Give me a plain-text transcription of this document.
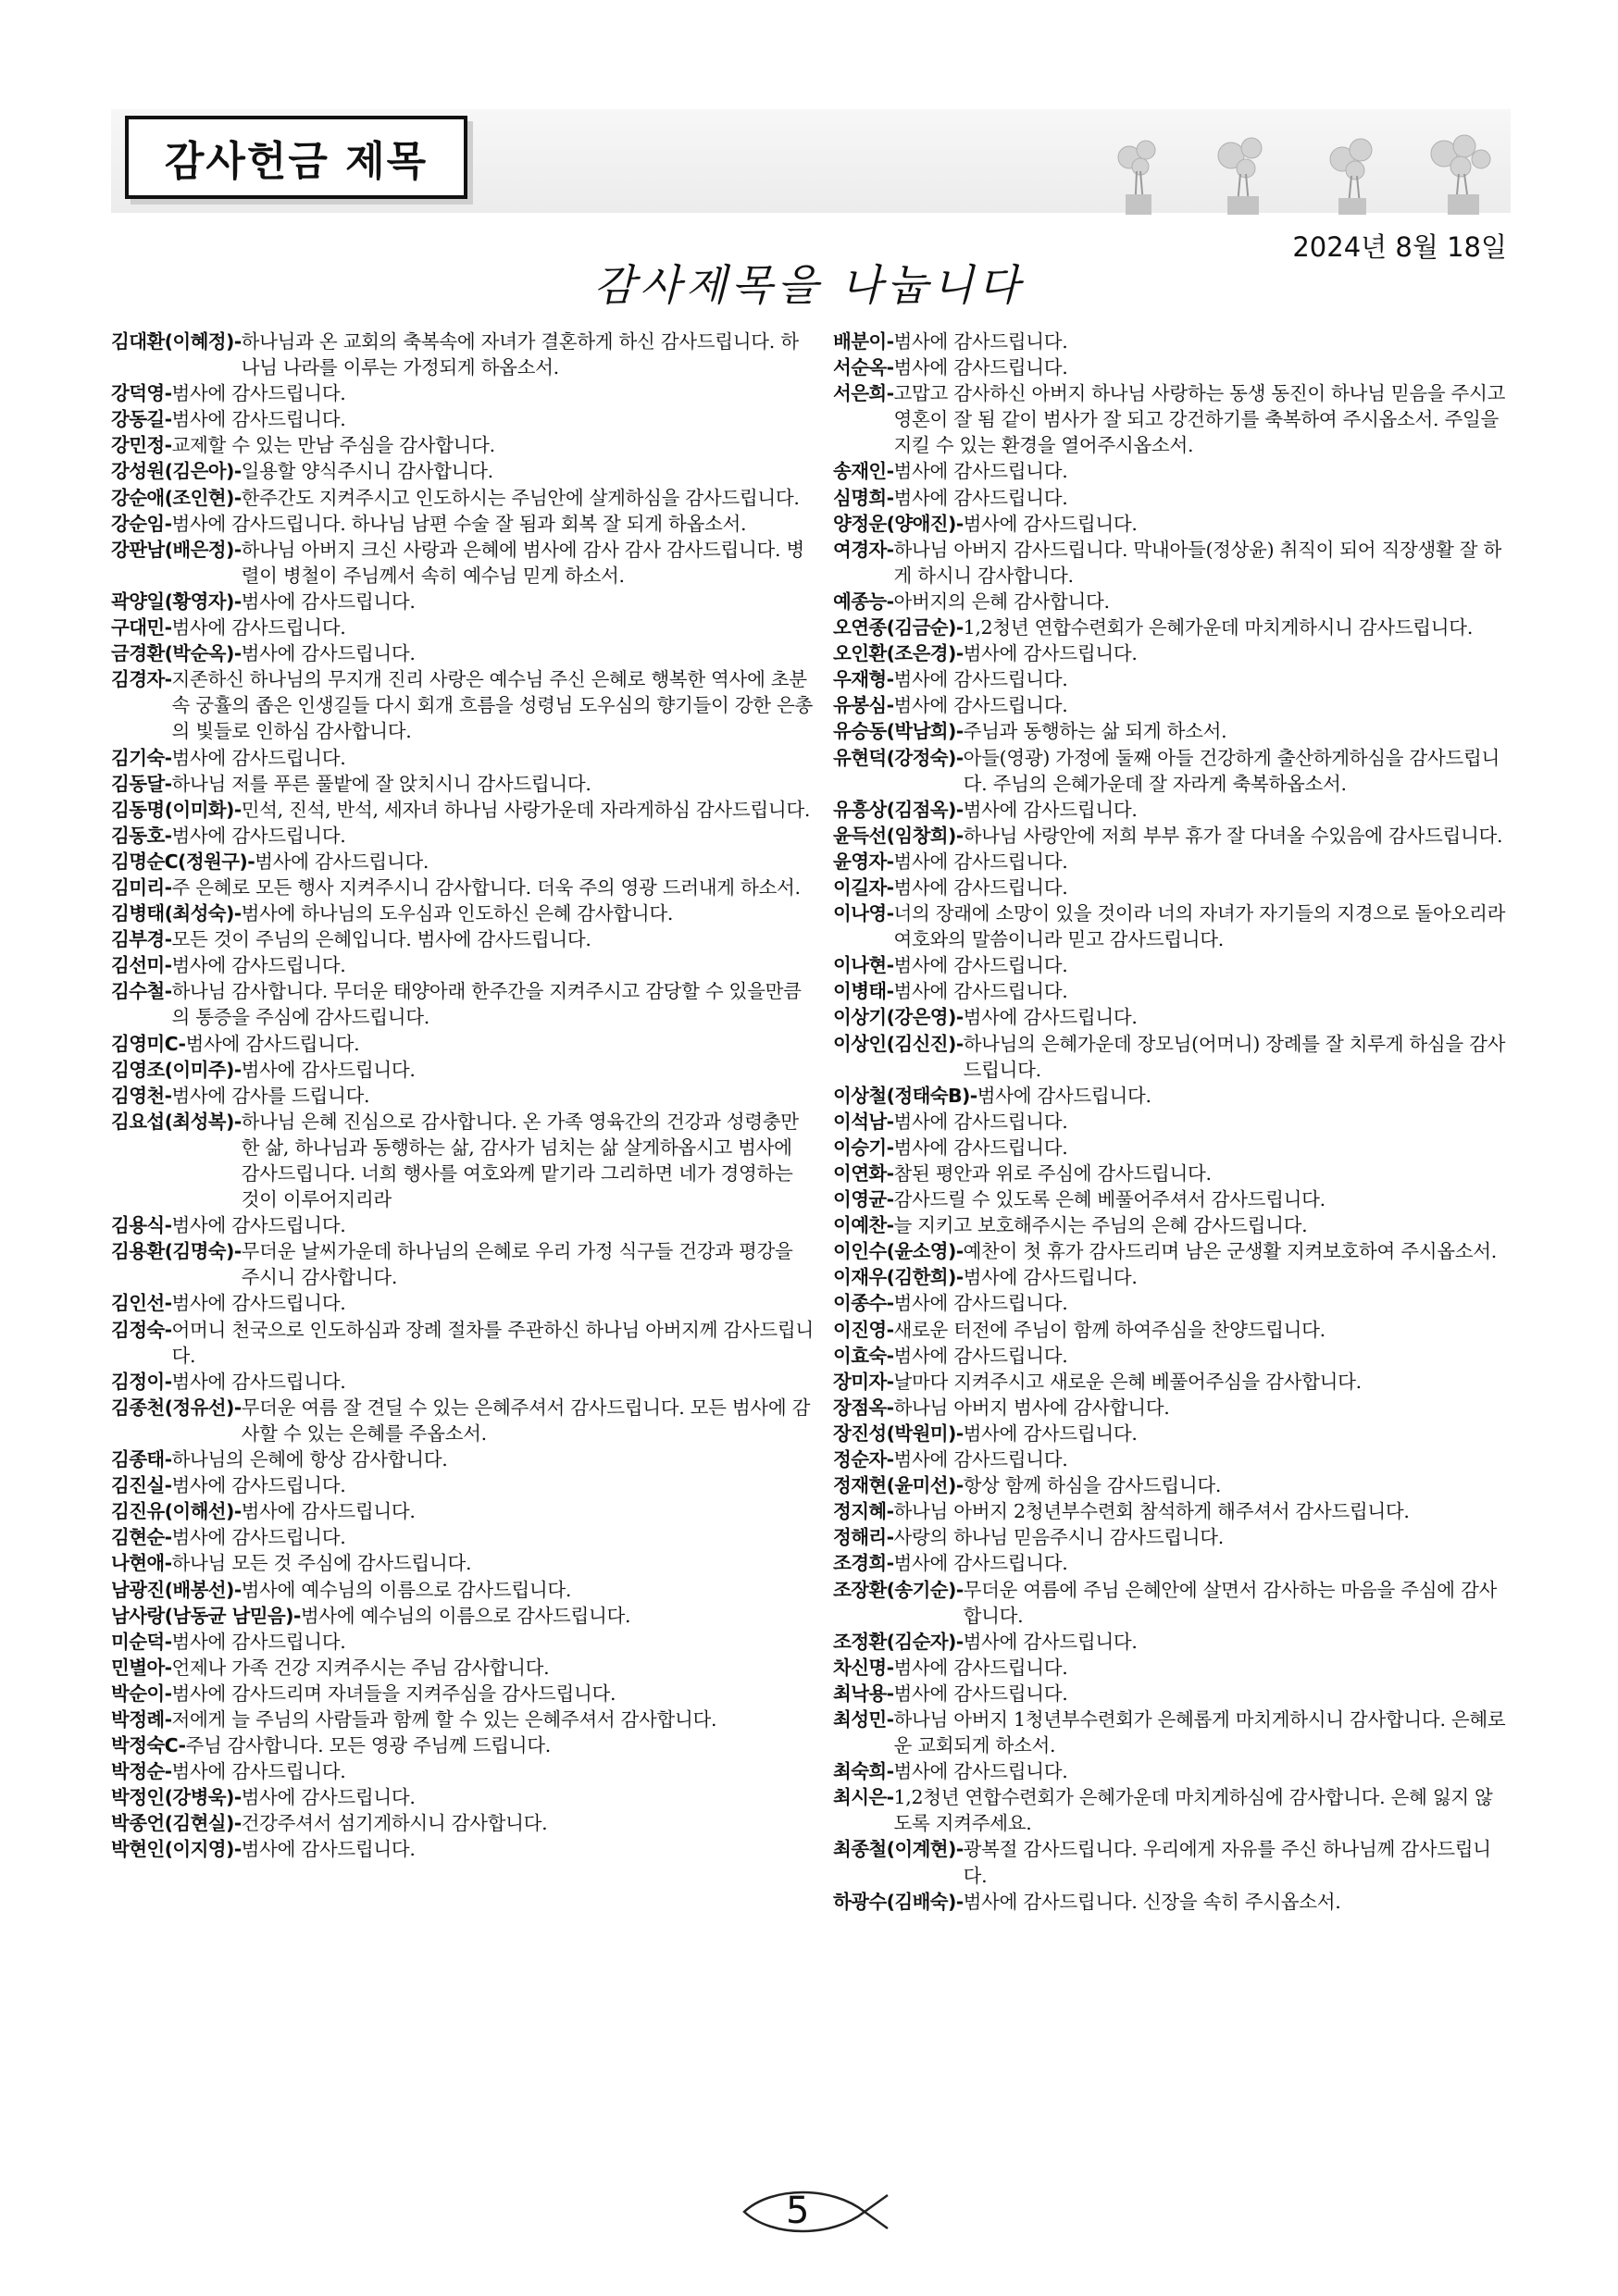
감사헌금 제목
2024년 8월 18일
감사제목을 나눕니다
김대환(이혜정)- 하나님과 온 교회의 축복속에 자녀가 결혼하게 하신 감사드립니다. 하나님 나라를 이루는 가정되게 하옵소서.
강덕영- 범사에 감사드립니다.
강동길- 범사에 감사드립니다.
강민정- 교제할 수 있는 만남 주심을 감사합니다.
강성원(김은아)- 일용할 양식주시니 감사합니다.
강순애(조인현)- 한주간도 지켜주시고 인도하시는 주님안에 살게하심을 감사드립니다.
강순임- 범사에 감사드립니다. 하나님 남편 수술 잘 됨과 회복 잘 되게 하옵소서.
강판남(배은정)- 하나님 아버지 크신 사랑과 은혜에 범사에 감사 감사 감사드립니다. 병렬이 병철이 주님께서 속히 예수님 믿게 하소서.
곽양일(황영자)- 범사에 감사드립니다.
구대민- 범사에 감사드립니다.
금경환(박순옥)- 범사에 감사드립니다.
김경자- 지존하신 하나님의 무지개 진리 사랑은 예수님 주신 은혜로 행복한 역사에 초분속 궁휼의 좁은 인생길들 다시 회개 흐름을 성령님 도우심의 향기들이 강한 은총의 빛들로 인하심 감사합니다.
김기숙- 범사에 감사드립니다.
김동달- 하나님 저를 푸른 풀밭에 잘 앉치시니 감사드립니다.
김동명(이미화)- 민석, 진석, 반석, 세자녀 하나님 사랑가운데 자라게하심 감사드립니다.
김동호- 범사에 감사드립니다.
김명순C(정원구)- 범사에 감사드립니다.
김미리- 주 은혜로 모든 행사 지켜주시니 감사합니다. 더욱 주의 영광 드러내게 하소서.
김병태(최성숙)- 범사에 하나님의 도우심과 인도하신 은혜 감사합니다.
김부경- 모든 것이 주님의 은혜입니다. 범사에 감사드립니다.
김선미- 범사에 감사드립니다.
김수철- 하나님 감사합니다. 무더운 태양아래 한주간을 지켜주시고 감당할 수 있을만큼의 통증을 주심에 감사드립니다.
김영미C- 범사에 감사드립니다.
김영조(이미주)- 범사에 감사드립니다.
김영천- 범사에 감사를 드립니다.
김요섭(최성복)- 하나님 은혜 진심으로 감사합니다. 온 가족 영육간의 건강과 성령충만한 삶, 하나님과 동행하는 삶, 감사가 넘치는 삶 살게하옵시고 범사에 감사드립니다. 너희 행사를 여호와께 맡기라 그리하면 네가 경영하는 것이 이루어지리라
김용식- 범사에 감사드립니다.
김용환(김명숙)- 무더운 날씨가운데 하나님의 은혜로 우리 가정 식구들 건강과 평강을 주시니 감사합니다.
김인선- 범사에 감사드립니다.
김정숙- 어머니 천국으로 인도하심과 장례 절차를 주관하신 하나님 아버지께 감사드립니다.
김정이- 범사에 감사드립니다.
김종천(정유선)- 무더운 여름 잘 견딜 수 있는 은혜주셔서 감사드립니다. 모든 범사에 감사할 수 있는 은혜를 주옵소서.
김종태- 하나님의 은혜에 항상 감사합니다.
김진실- 범사에 감사드립니다.
김진유(이해선)- 범사에 감사드립니다.
김현순- 범사에 감사드립니다.
나현애- 하나님 모든 것 주심에 감사드립니다.
남광진(배봉선)- 범사에 예수님의 이름으로 감사드립니다.
남사랑(남동균 남믿음)- 범사에 예수님의 이름으로 감사드립니다.
미순덕- 범사에 감사드립니다.
민별아- 언제나 가족 건강 지켜주시는 주님 감사합니다.
박순이- 범사에 감사드리며 자녀들을 지켜주심을 감사드립니다.
박정례- 저에게 늘 주님의 사람들과 함께 할 수 있는 은혜주셔서 감사합니다.
박정숙C- 주님 감사합니다. 모든 영광 주님께 드립니다.
박정순- 범사에 감사드립니다.
박정인(강병욱)- 범사에 감사드립니다.
박종언(김현실)- 건강주셔서 섬기게하시니 감사합니다.
박현인(이지영)- 범사에 감사드립니다.
배분이- 범사에 감사드립니다.
서순옥- 범사에 감사드립니다.
서은희- 고맙고 감사하신 아버지 하나님 사랑하는 동생 동진이 하나님 믿음을 주시고 영혼이 잘 됨 같이 범사가 잘 되고 강건하기를 축복하여 주시옵소서. 주일을 지킬 수 있는 환경을 열어주시옵소서.
송재인- 범사에 감사드립니다.
심명희- 범사에 감사드립니다.
양정운(양애진)- 범사에 감사드립니다.
여경자- 하나님 아버지 감사드립니다. 막내아들(정상윤) 취직이 되어 직장생활 잘 하게 하시니 감사합니다.
예종능- 아버지의 은혜 감사합니다.
오연종(김금순)- 1,2청년 연합수련회가 은혜가운데 마치게하시니 감사드립니다.
오인환(조은경)- 범사에 감사드립니다.
우재형- 범사에 감사드립니다.
유봉심- 범사에 감사드립니다.
유승동(박남희)- 주님과 동행하는 삶 되게 하소서.
유현덕(강정숙)- 아들(영광) 가정에 둘째 아들 건강하게 출산하게하심을 감사드립니다. 주님의 은혜가운데 잘 자라게 축복하옵소서.
유흥상(김점옥)- 범사에 감사드립니다.
윤득선(임창희)- 하나님 사랑안에 저희 부부 휴가 잘 다녀올 수있음에 감사드립니다.
윤영자- 범사에 감사드립니다.
이길자- 범사에 감사드립니다.
이나영- 너의 장래에 소망이 있을 것이라 너의 자녀가 자기들의 지경으로 돌아오리라 여호와의 말씀이니라 믿고 감사드립니다.
이나현- 범사에 감사드립니다.
이병태- 범사에 감사드립니다.
이상기(강은영)- 범사에 감사드립니다.
이상인(김신진)- 하나님의 은혜가운데 장모님(어머니) 장례를 잘 치루게 하심을 감사드립니다.
이상철(정태숙B)- 범사에 감사드립니다.
이석남- 범사에 감사드립니다.
이승기- 범사에 감사드립니다.
이연화- 참된 평안과 위로 주심에 감사드립니다.
이영균- 감사드릴 수 있도록 은혜 베풀어주셔서 감사드립니다.
이예찬- 늘 지키고 보호해주시는 주님의 은혜 감사드립니다.
이인수(윤소영)- 예찬이 첫 휴가 감사드리며 남은 군생활 지켜보호하여 주시옵소서.
이재우(김한희)- 범사에 감사드립니다.
이종수- 범사에 감사드립니다.
이진영- 새로운 터전에 주님이 함께 하여주심을 찬양드립니다.
이효숙- 범사에 감사드립니다.
장미자- 날마다 지켜주시고 새로운 은혜 베풀어주심을 감사합니다.
장점옥- 하나님 아버지 범사에 감사합니다.
장진성(박원미)- 범사에 감사드립니다.
정순자- 범사에 감사드립니다.
정재현(윤미선)- 항상 함께 하심을 감사드립니다.
정지혜- 하나님 아버지 2청년부수련회 참석하게 해주셔서 감사드립니다.
정해리- 사랑의 하나님 믿음주시니 감사드립니다.
조경희- 범사에 감사드립니다.
조장환(송기순)- 무더운 여름에 주님 은혜안에 살면서 감사하는 마음을 주심에 감사합니다.
조정환(김순자)- 범사에 감사드립니다.
차신명- 범사에 감사드립니다.
최낙용- 범사에 감사드립니다.
최성민- 하나님 아버지 1청년부수련회가 은혜롭게 마치게하시니 감사합니다. 은혜로운 교회되게 하소서.
최숙희- 범사에 감사드립니다.
최시은- 1,2청년 연합수련회가 은혜가운데 마치게하심에 감사합니다. 은혜 잃지 않도록 지켜주세요.
최종철(이계현)- 광복절 감사드립니다. 우리에게 자유를 주신 하나님께 감사드립니다.
하광수(김배숙)- 범사에 감사드립니다. 신장을 속히 주시옵소서.
5
